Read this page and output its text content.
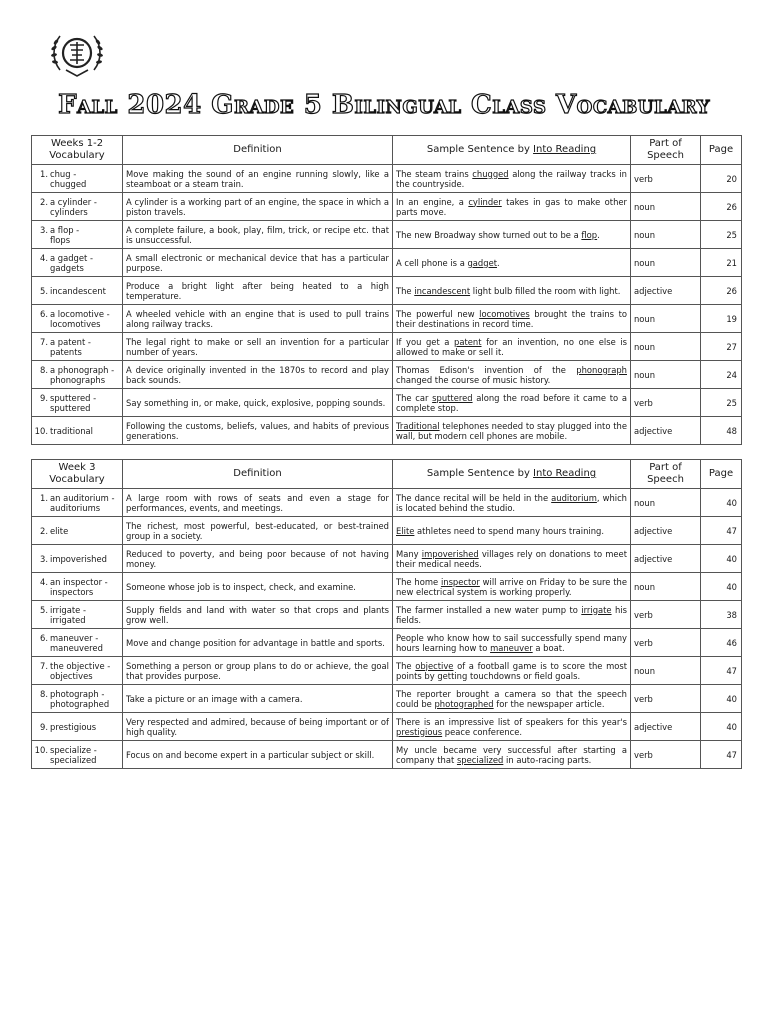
Fall 2024 Grade 5 Bilingual Class Vocabulary
Weeks 1-2 Vocabulary	Definition	Sample Sentence by Into Reading	Part of Speech	Page
1. chug -
chugged	Move making the sound of an engine running slowly, like a steamboat or a steam train.	The steam trains chugged along the railway tracks in the countryside.	verb	20
2. a cylinder -
cylinders	A cylinder is a working part of an engine, the space in which a piston travels.	In an engine, a cylinder takes in gas to make other parts move.	noun	26
3. a flop -
flops	A complete failure, a book, play, film, trick, or recipe etc. that is unsuccessful.	The new Broadway show turned out to be a flop.	noun	25
4. a gadget -
gadgets	A small electronic or mechanical device that has a particular purpose.	A cell phone is a gadget.	noun	21
5. incandescent	Produce a bright light after being heated to a high temperature.	The incandescent light bulb filled the room with light.	adjective	26
6. a locomotive -
locomotives	A wheeled vehicle with an engine that is used to pull trains along railway tracks.	The powerful new locomotives brought the trains to their destinations in record time.	noun	19
7. a patent -
patents	The legal right to make or sell an invention for a particular number of years.	If you get a patent for an invention, no one else is allowed to make or sell it.	noun	27
8. a phonograph -
phonographs	A device originally invented in the 1870s to record and play back sounds.	Thomas Edison's invention of the phonograph changed the course of music history.	noun	24
9. sputtered -
sputtered	Say something in, or make, quick, explosive, popping sounds.	The car sputtered along the road before it came to a complete stop.	verb	25
10. traditional	Following the customs, beliefs, values, and habits of previous generations.	Traditional telephones needed to stay plugged into the wall, but modern cell phones are mobile.	adjective	48
Week 3 Vocabulary	Definition	Sample Sentence by Into Reading	Part of Speech	Page
1. an auditorium -
auditoriums	A large room with rows of seats and even a stage for performances, events, and meetings.	The dance recital will be held in the auditorium, which is located behind the studio.	noun	40
2. elite	The richest, most powerful, best-educated, or best-trained group in a society.	Elite athletes need to spend many hours training.	adjective	47
3. impoverished	Reduced to poverty, and being poor because of not having money.	Many impoverished villages rely on donations to meet their medical needs.	adjective	40
4. an inspector -
inspectors	Someone whose job is to inspect, check, and examine.	The home inspector will arrive on Friday to be sure the new electrical system is working properly.	noun	40
5. irrigate -
irrigated	Supply fields and land with water so that crops and plants grow well.	The farmer installed a new water pump to irrigate his fields.	verb	38
6. maneuver -
maneuvered	Move and change position for advantage in battle and sports.	People who know how to sail successfully spend many hours learning how to maneuver a boat.	verb	46
7. the objective -
objectives	Something a person or group plans to do or achieve, the goal that provides purpose.	The objective of a football game is to score the most points by getting touchdowns or field goals.	noun	47
8. photograph -
photographed	Take a picture or an image with a camera.	The reporter brought a camera so that the speech could be photographed for the newspaper article.	verb	40
9. prestigious	Very respected and admired, because of being important or of high quality.	There is an impressive list of speakers for this year's prestigious peace conference.	adjective	40
10. specialize -
specialized	Focus on and become expert in a particular subject or skill.	My uncle became very successful after starting a company that specialized in auto-racing parts.	verb	47
